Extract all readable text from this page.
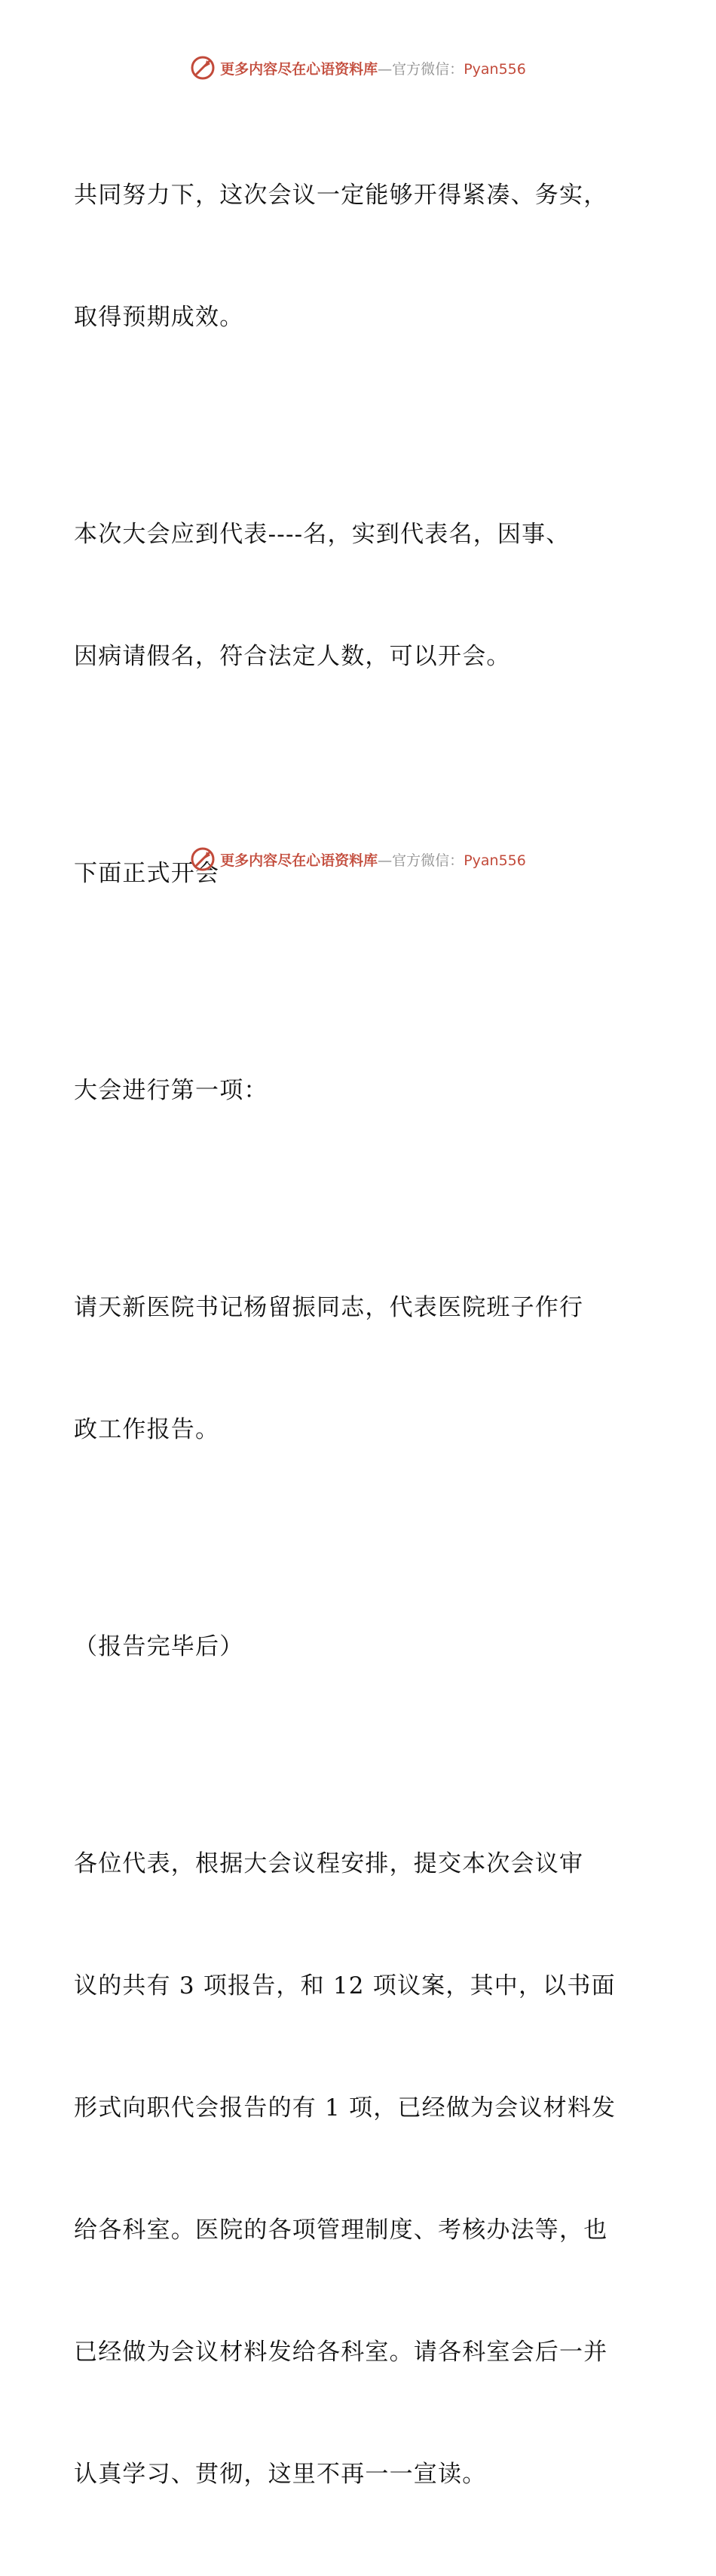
更多内容尽在心语资料库—官方微信：Pyan556

共同努力下，这次会议一定能够开得紧凑、务实，

取得预期成效。

本次大会应到代表----名，实到代表名，因事、

因病请假名，符合法定人数，可以开会。

下面正式开会

大会进行第一项：

请天新医院书记杨留振同志，代表医院班子作行

政工作报告。

（报告完毕后）

各位代表，根据大会议程安排，提交本次会议审

议的共有 3 项报告，和 12 项议案，其中，以书面

形式向职代会报告的有 1 项，已经做为会议材料发

给各科室。医院的各项管理制度、考核办法等，也

已经做为会议材料发给各科室。请各科室会后一并

认真学习、贯彻，这里不再一一宣读。

更多内容尽在心语资料库—官方微信：Pyan556
